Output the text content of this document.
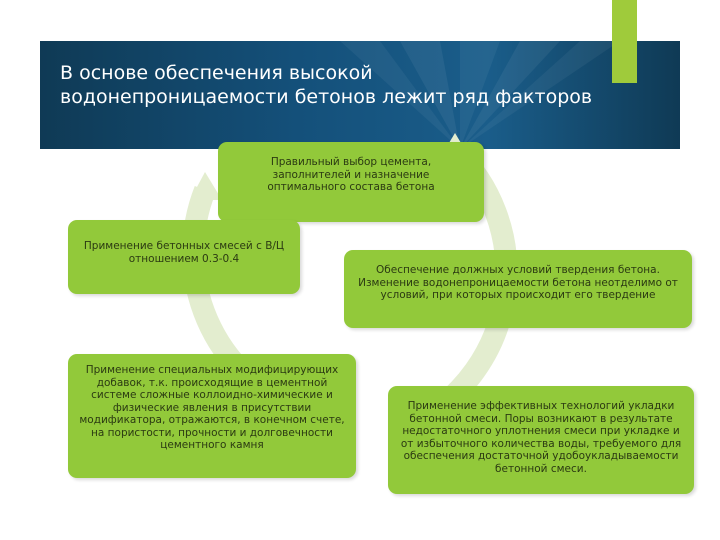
В основе обеспечения высокой
водонепроницаемости бетонов лежит ряд факторов
Правильный выбор цемента, заполнителей и назначение оптимального состава бетона
Применение бетонных смесей с В/Ц отношением 0.3-0.4
Обеспечение должных условий твердения бетона. Изменение водонепроницаемости бетона неотделимо от условий, при которых происходит его твердение
Применение специальных модифицирующих добавок, т.к. происходящие в цементной системе сложные коллоидно-химические и физические явления в присутствии модификатора, отражаются, в конечном счете, на пористости, прочности и долговечности цементного камня
Применение эффективных технологий укладки бетонной смеси. Поры возникают в результате недостаточного уплотнения смеси при укладке и от избыточного количества воды, требуемого для обеспечения достаточной удобоукладываемости бетонной смеси.
